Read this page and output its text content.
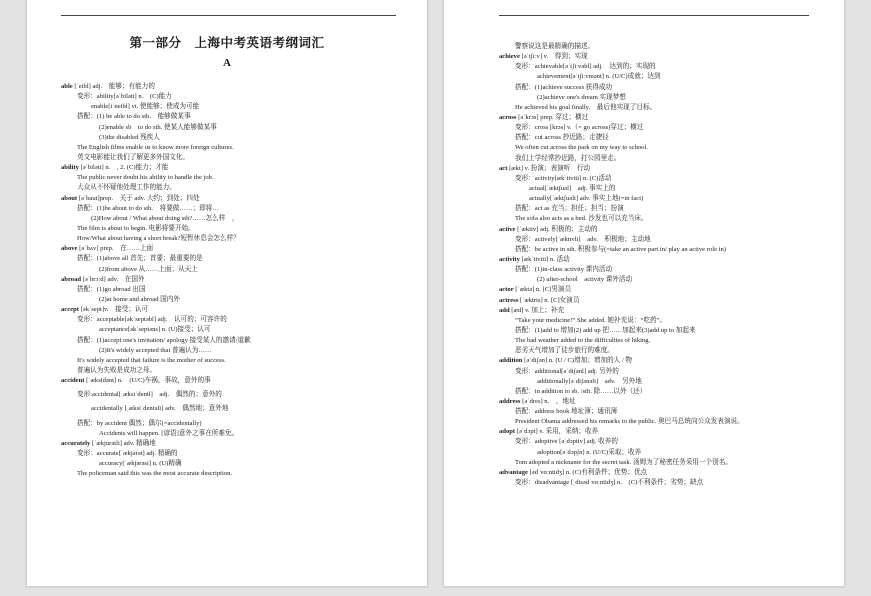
第一部分　上海中考英语考纲词汇
A
able [ˈeibl] adj.　能够；有能力的
变形：ability[əˈbiləti] n.　(C)能力
enable[iˈneibl] vt. 使能够；使成为可能
搭配：(1) be able to do sth.　能够做某事
(2)enable sb　to do sth. 使某人能够做某事
(3)the disabled 残疾人
The English films enable us to know more foreign cultures.
英文电影能让我们了解更多外国文化。
ability [əˈbiləti] n.　, 2. (C)能力；才能
The public never doubt his ability to handle the job.
大众从不怀疑他处理工作的能力。
about [əˈbaut]prep.　关于 adv. 大约；到处；四处
搭配：(1)be about to do sth.　将要做……；即将…
(2)How about / What about doing sth?……怎么样　，
The film is about to begin. 电影将要开始。
How/What about having a short break?短暂休息会怎么样？
above [əˈbʌv] prep.　在……上面
搭配：(1)above all 首先；首要；最重要的是
(2)from above 从……上面；从天上
abroad [əˈbrɔːd] adv.　在国外
搭配：(1)go abroad 出国
(2)at home and abroad 国内外
accept [əkˈsept]v.　接受；认可
变形：acceptable[əkˈseptəbl] adj.　认可的；可容许的
acceptance[əkˈseptəns] n. (U)接受；认可
搭配：(1)accept one's invitation/ apology 接受某人的邀请/道歉
(2)It's widely accepted that 普遍认为……
It's widely accepted that failure is the mother of success.
普遍认为失败是成功之母。
accident [ˈæksidənt] n.　(U/C)车祸，事故，意外的事
变形:accidental[ˌæksiˈdentl]　adj.　偶然的；意外的
accidentally [ˌæksiˈdentəli] adv.　偶然地；意外地
搭配：by accident 偶然；偶尔(=accidentally)
Accidents will happen. [谚语]意外之事在所难免。
accurately [ˈækjurətli] adv. 精确地
变形：accurate[ˈækjərət] adj. 精确的
accuracy[ˈækjərəsi] n. (U)精确
The policeman said this was the most accurate description.
警察说这是最精确的描述。
achieve [əˈtʃiːv] v.　得到；实现
变形：achievable[əˈtʃiːvəbl] adj.　达到的；实现的
achievement[əˈtʃiːvmənt] n. (U/C)成就；达到
搭配：(1)achieve success 获得成功
(2)achieve one's dream 实现梦想
He achieved his goal finally.　最后他实现了目标。
across [əˈkrɔs] prep. 穿过；横过
变形：cross [krɔs] v.（= go across)穿过；横过
搭配：cut across 抄近路；走捷径
We often cut across the park on my way to school.
我们上学经常抄近路，打公园里走。
act [ækt] v. 扮演；表演听　行动
变形：activity[ækˈtiviti] n. (C)活动
actual[ˈæktʃuəl]　adj. 事实上的
actually[ˈæktʃuəli] adv. 事实上地(=in fact)
搭配：act as 充当；担任；担当；扮演
The sofa also acts as a bed. 沙发也可以充当床。
active [ˈæktiv] adj. 积极的；主动的
变形：actively[ˈæktɪvli]　adv.　积极地；主动地
搭配：be active in sth. 积极参与(=take an active part in/ play an active role in)
activity [ækˈtiviti] n. 活动
搭配：(1)in-class activity 课内活动
(2) after-school　activity 课外活动
actor [ˈæktə] n. [C]男演员
actress [ˈæktris] n. [C]女演员
add [æd] v. 加上；补充
“Take your medicine!” She added. 她补充说：“吃药”。
搭配：(1)add to 增加(2) add up 把……加起来(3)add up to 加起来
The bad weather added to the difficulties of hiking.
恶劣天气增加了徒步旅行的难度。
addition [əˈdiʃən] n. (U / C)增加；增加的人 / 物
变形：additional[əˈdiʃənl] adj. 另外的
additionally[əˈdiʃənəli]　adv.　另外地
搭配：in addition to sb. /sth. 除……以外（还）
address [əˈdres] n.　，地址
搭配：address book 地址簿；通讯簿
President Obama addressed his remarks to the public. 奥巴马总统向公众发表演说。
adopt [əˈdɔpt] v. 采用，采纳；收养
变形：adoptive [əˈdɔptiv] adj. 收养的
adoption[əˈdɔpʃn] n. (U/C)采取；收养
Tom adopted a nickname for the secret task. 汤姆为了秘密任务采用一个别名。
advantage [ədˈvɑːntidʒ] n. (C)有利条件；优势；优点
变形：disadvantage [ˌdisədˈvɑːntidʒ] n.　(C)不利条件；劣势；缺点
